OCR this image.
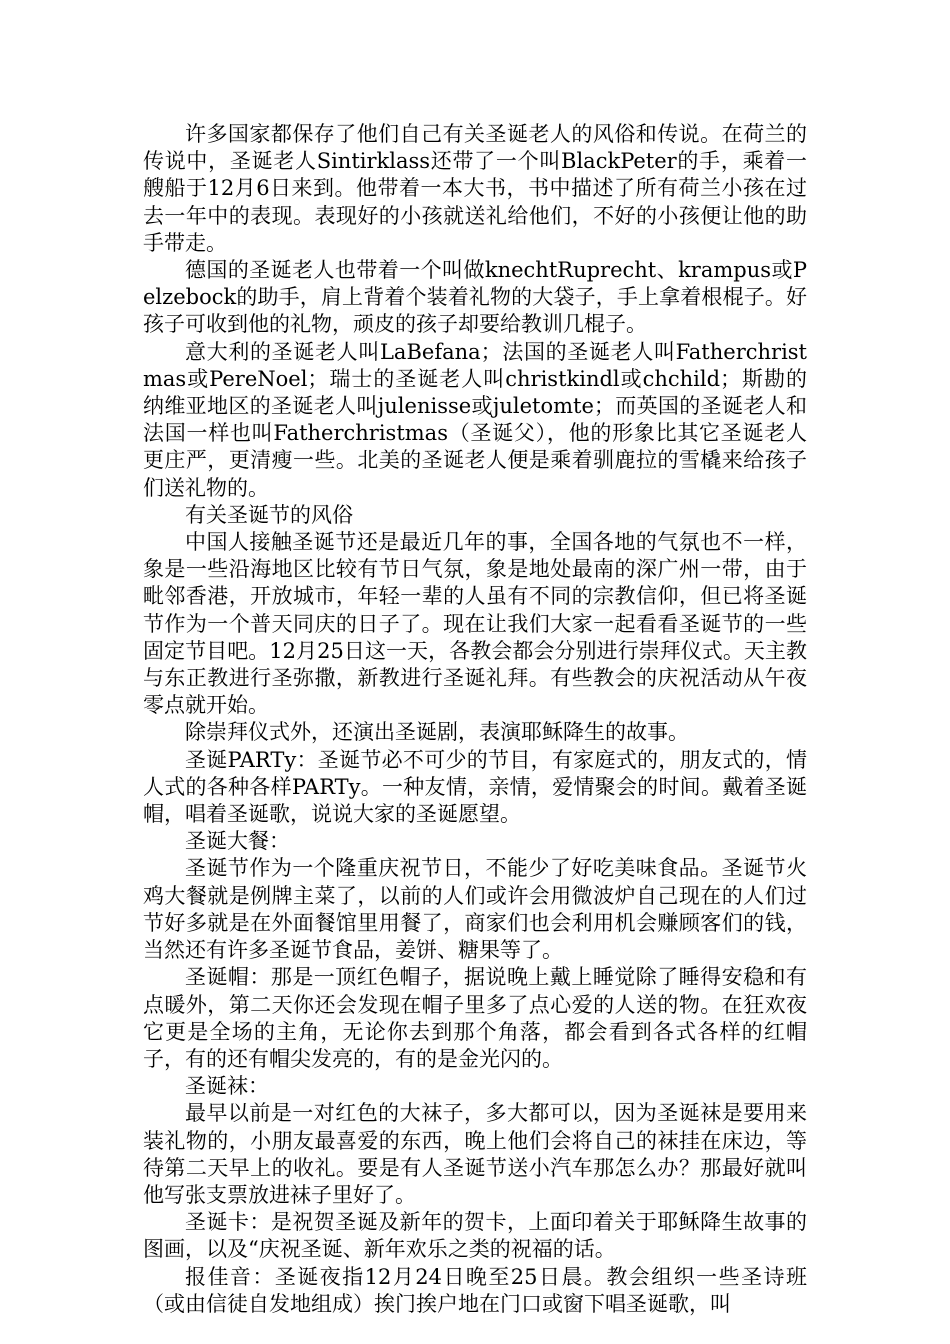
许多国家都保存了他们自己有关圣诞老人的风俗和传说。在荷兰的传说中，圣诞老人Sintirklass还带了一个叫BlackPeter的手，乘着一艘船于12月6日来到。他带着一本大书，书中描述了所有荷兰小孩在过去一年中的表现。表现好的小孩就送礼给他们，不好的小孩便让他的助手带走。

德国的圣诞老人也带着一个叫做knechtRuprecht、krampus或Pelzebock的助手，肩上背着个装着礼物的大袋子，手上拿着根棍子。好孩子可收到他的礼物，顽皮的孩子却要给教训几棍子。

意大利的圣诞老人叫LaBefana；法国的圣诞老人叫Fatherchristmas或PereNoel；瑞士的圣诞老人叫christkindl或chchild；斯勘的纳维亚地区的圣诞老人叫julenisse或juletomte；而英国的圣诞老人和法国一样也叫Fatherchristmas（圣诞父），他的形象比其它圣诞老人更庄严，更清瘦一些。北美的圣诞老人便是乘着驯鹿拉的雪橇来给孩子们送礼物的。

有关圣诞节的风俗

中国人接触圣诞节还是最近几年的事，全国各地的气氛也不一样，象是一些沿海地区比较有节日气氛，象是地处最南的深广州一带，由于毗邻香港，开放城市，年轻一辈的人虽有不同的宗教信仰，但已将圣诞节作为一个普天同庆的日子了。现在让我们大家一起看看圣诞节的一些固定节目吧。12月25日这一天，各教会都会分别进行崇拜仪式。天主教与东正教进行圣弥撒，新教进行圣诞礼拜。有些教会的庆祝活动从午夜零点就开始。

除崇拜仪式外，还演出圣诞剧，表演耶稣降生的故事。

圣诞PARTy：圣诞节必不可少的节目，有家庭式的，朋友式的，情人式的各种各样PARTy。一种友情，亲情，爱情聚会的时间。戴着圣诞帽，唱着圣诞歌，说说大家的圣诞愿望。

圣诞大餐：

圣诞节作为一个隆重庆祝节日，不能少了好吃美味食品。圣诞节火鸡大餐就是例牌主菜了，以前的人们或许会用微波炉自己现在的人们过节好多就是在外面餐馆里用餐了，商家们也会利用机会赚顾客们的钱，当然还有许多圣诞节食品，姜饼、糖果等了。

圣诞帽：那是一顶红色帽子，据说晚上戴上睡觉除了睡得安稳和有点暖外，第二天你还会发现在帽子里多了点心爱的人送的物。在狂欢夜它更是全场的主角，无论你去到那个角落，都会看到各式各样的红帽子，有的还有帽尖发亮的，有的是金光闪的。

圣诞袜：

最早以前是一对红色的大袜子，多大都可以，因为圣诞袜是要用来装礼物的，小朋友最喜爱的东西，晚上他们会将自己的袜挂在床边，等待第二天早上的收礼。要是有人圣诞节送小汽车那怎么办？那最好就叫他写张支票放进袜子里好了。

圣诞卡：是祝贺圣诞及新年的贺卡，上面印着关于耶稣降生故事的图画，以及“庆祝圣诞、新年欢乐之类的祝福的话。

报佳音：圣诞夜指12月24日晚至25日晨。教会组织一些圣诗班（或由信徒自发地组成）挨门挨户地在门口或窗下唱圣诞歌，叫
